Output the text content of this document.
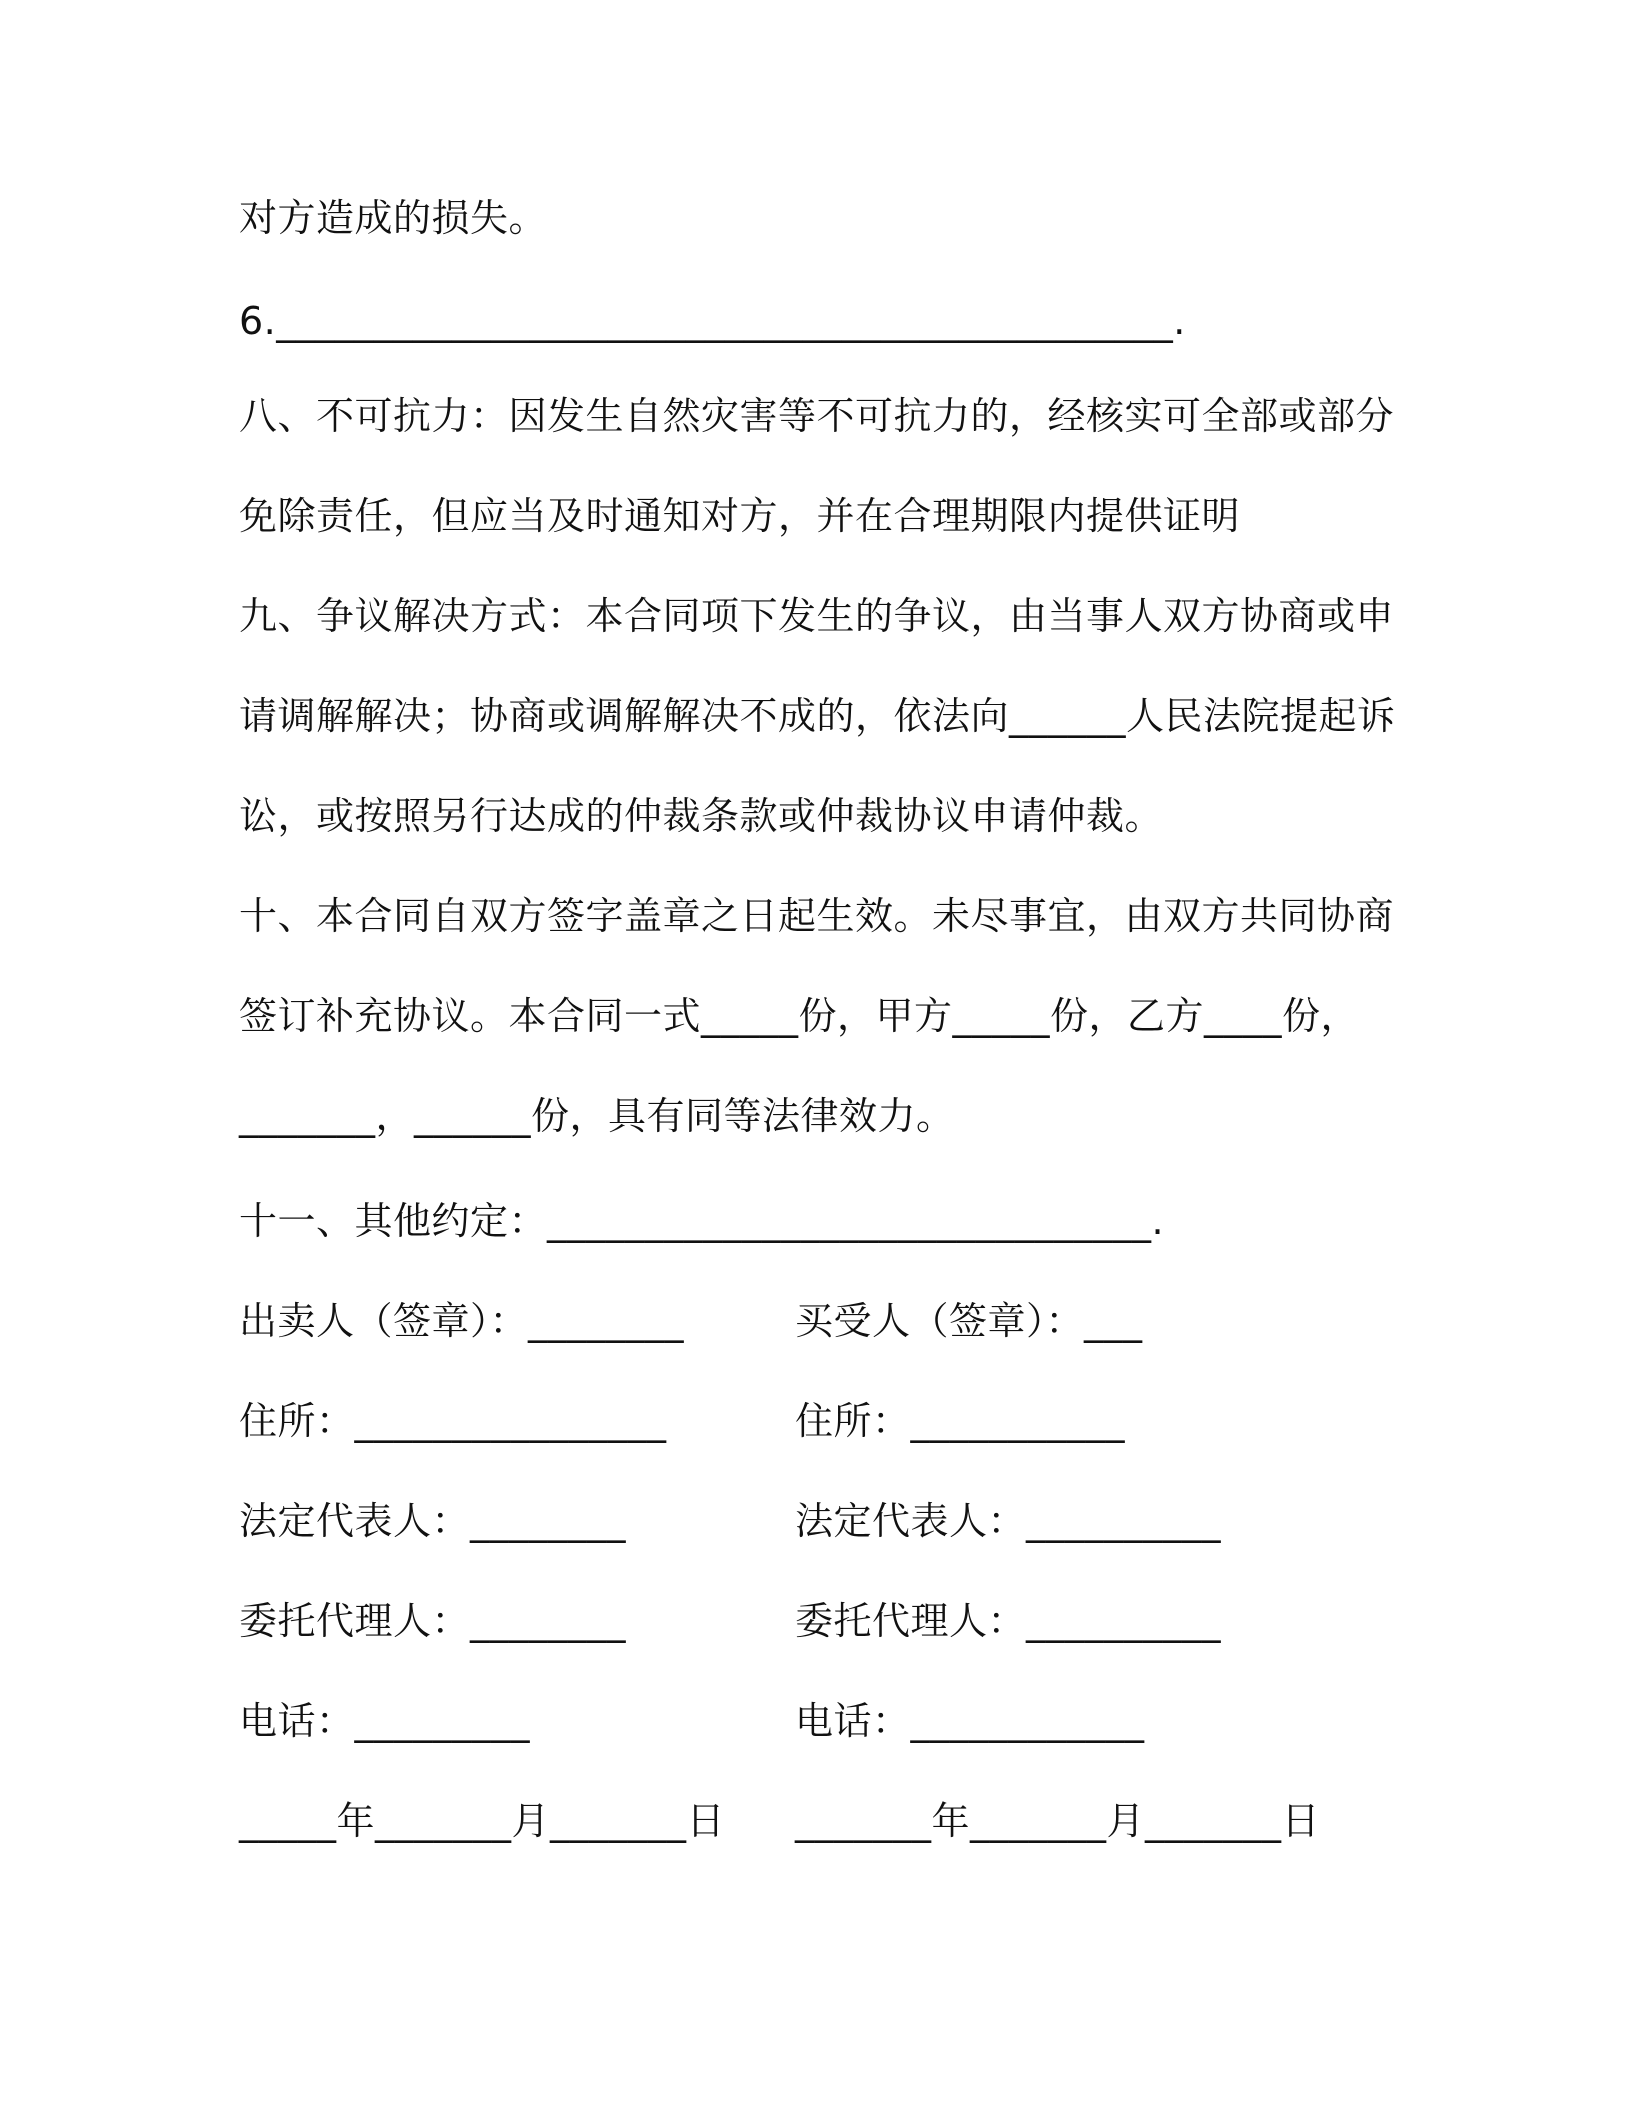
对方造成的损失。
6.______________________________________________.
八、不可抗力：因发生自然灾害等不可抗力的，经核实可全部或部分
免除责任，但应当及时通知对方，并在合理期限内提供证明
九、争议解决方式：本合同项下发生的争议，由当事人双方协商或申
请调解解决；协商或调解解决不成的，依法向______人民法院提起诉
讼，或按照另行达成的仲裁条款或仲裁协议申请仲裁。
十、本合同自双方签字盖章之日起生效。未尽事宜，由双方共同协商
签订补充协议。本合同一式_____份，甲方_____份，乙方____份，
_______，______份，具有同等法律效力。
十一、其他约定：_______________________________.
出卖人（签章）：________
住所：________________
法定代表人：________
委托代理人：________
电话：_________
_____年_______月_______日
买受人（签章）：___
住所：___________
法定代表人：__________
委托代理人：__________
电话：____________
_______年_______月_______日
